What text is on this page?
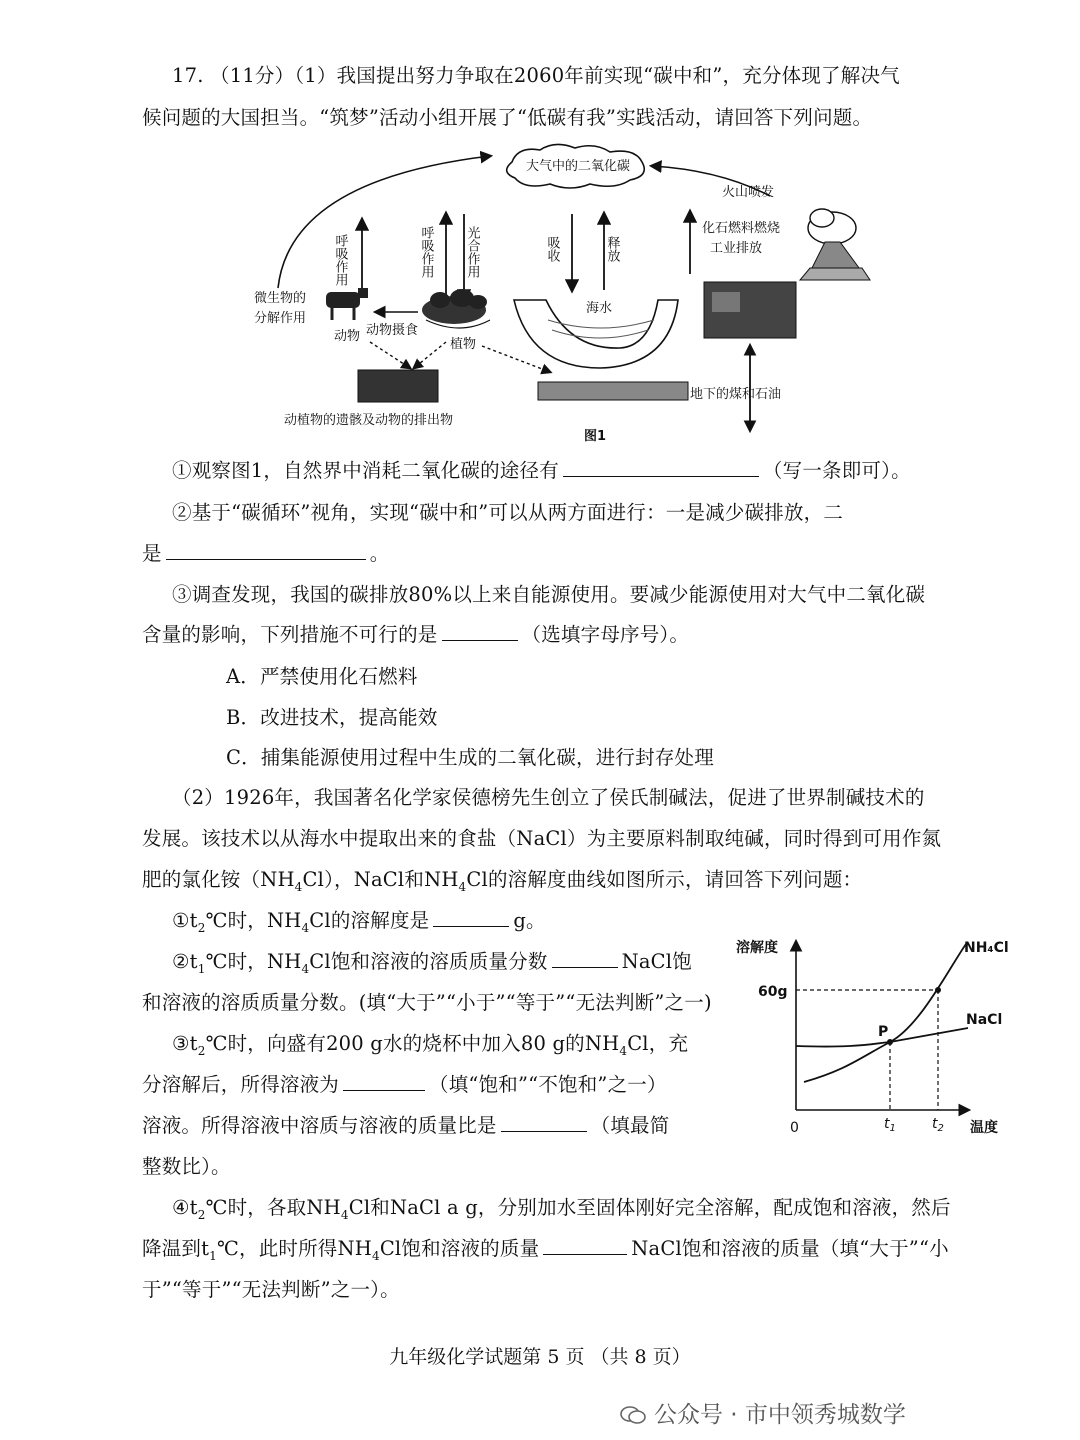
17. （11分）（1）我国提出努力争取在2060年前实现“碳中和”，充分体现了解决气
候问题的大国担当。“筑梦”活动小组开展了“低碳有我”实践活动，请回答下列问题。
大气中的二氧化碳
火山喷发
呼吸作用	呼吸作用 光合作用	吸收	释放
化石燃料燃烧
工业排放
微生物的
分解作用
动物 动物摄食
植物
海水
动植物的遗骸及动物的排出物
地下的煤和石油
图1
①观察图1，自然界中消耗二氧化碳的途径有	（写一条即可）。
②基于“碳循环”视角，实现“碳中和”可以从两方面进行：一是减少碳排放，二
是	。
③调查发现，我国的碳排放80%以上来自能源使用。要减少能源使用对大气中二氧化碳
含量的影响，下列措施不可行的是	（选填字母序号）。
A．严禁使用化石燃料
B．改进技术，提高能效
C．捕集能源使用过程中生成的二氧化碳，进行封存处理
（2）1926年，我国著名化学家侯德榜先生创立了侯氏制碱法，促进了世界制碱技术的
发展。该技术以从海水中提取出来的食盐（NaCl）为主要原料制取纯碱，同时得到可用作氮
肥的氯化铵$(NH_4Cl)$，NaCl和$NH_4Cl$的溶解度曲线如图所示，请回答下列问题：
$①t_2℃$时，$NH_4Cl$的溶解度是	g。
$②t_1℃$时，$NH_4Cl$饱和溶液的溶质质量分数	NaCl饱
和溶液的溶质质量分数。(填“大于”“小于”“等于”“无法判断”之一)
$③t_2℃$时，向盛有200 g水的烧杯中加入80 g的$NH_4Cl$，充
分溶解后，所得溶液为	（填“饱和”“不饱和”之一）
溶液。所得溶液中溶质与溶液的质量比是	（填最简
整数比）。
$④t_2℃$时，各取$NH_4Cl$和NaCl a g，分别加水至固体刚好完全溶解，配成饱和溶液，然后
降温到$t_1℃$，此时所得$NH_4Cl$饱和溶液的质量	NaCl饱和溶液的质量（填“大于”“小
于”“等于”“无法判断”之一）。
溶解度
温度
0
60g
$t_1$	$t_2$
P
NH₄Cl
NaCl
九年级化学试题第 5 页 （共 8 页）
公众号 · 市中领秀城数学
